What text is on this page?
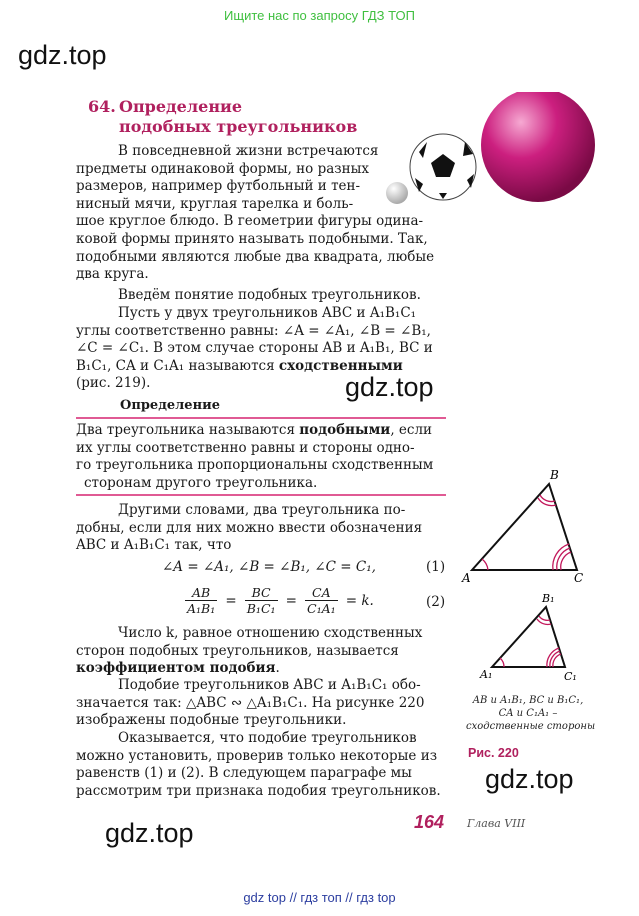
Ищите нас по запросу ГДЗ ТОП
gdz.top
gdz.top
gdz.top
gdz.top
64. Определение
подобных треугольников
В повседневной жизни встречаются
предметы одинаковой формы, но разных
размеров, например футбольный и тен-
нисный мячи, круглая тарелка и боль-
шое круглое блюдо. В геометрии фигуры одина-
ковой формы принято называть подобными. Так,
подобными являются любые два квадрата, любые
два круга.
Введём понятие подобных треугольников.
Пусть у двух треугольников ABC и A₁B₁C₁
углы соответственно равны: ∠A = ∠A₁, ∠B = ∠B₁,
∠C = ∠C₁. В этом случае стороны AB и A₁B₁, BC и
B₁C₁, CA и C₁A₁ называются сходственными
(рис. 219).
Определение
Два треугольника называются подобными, если
их углы соответственно равны и стороны одно-
го треугольника пропорциональны сходственным
сторонам другого треугольника.
Другими словами, два треугольника по-
добны, если для них можно ввести обозначения
ABC и A₁B₁C₁ так, что
∠A = ∠A₁, ∠B = ∠B₁, ∠C = C₁,	(1)
$\frac{AB}{\text{A₁B₁}} = \frac{BC}{\text{B₁C₁}} = \frac{CA}{\text{C₁A₁}} = k$.	(2)
Число k, равное отношению сходственных
сторон подобных треугольников, называется
коэффициентом подобия.
Подобие треугольников ABC и A₁B₁C₁ обо-
значается так: △ABC ∾ △A₁B₁C₁. На рисунке 220
изображены подобные треугольники.
Оказывается, что подобие треугольников
можно установить, проверив только некоторые из
равенств (1) и (2). В следующем параграфе мы
рассмотрим три признака подобия треугольников.
A
B
C
A₁
B₁
C₁
AB и A₁B₁, BC и B₁C₁,
CA и C₁A₁ –
сходственные стороны
Рис. 220
164 Глава VIII
gdz top // гдз топ // гдз top
